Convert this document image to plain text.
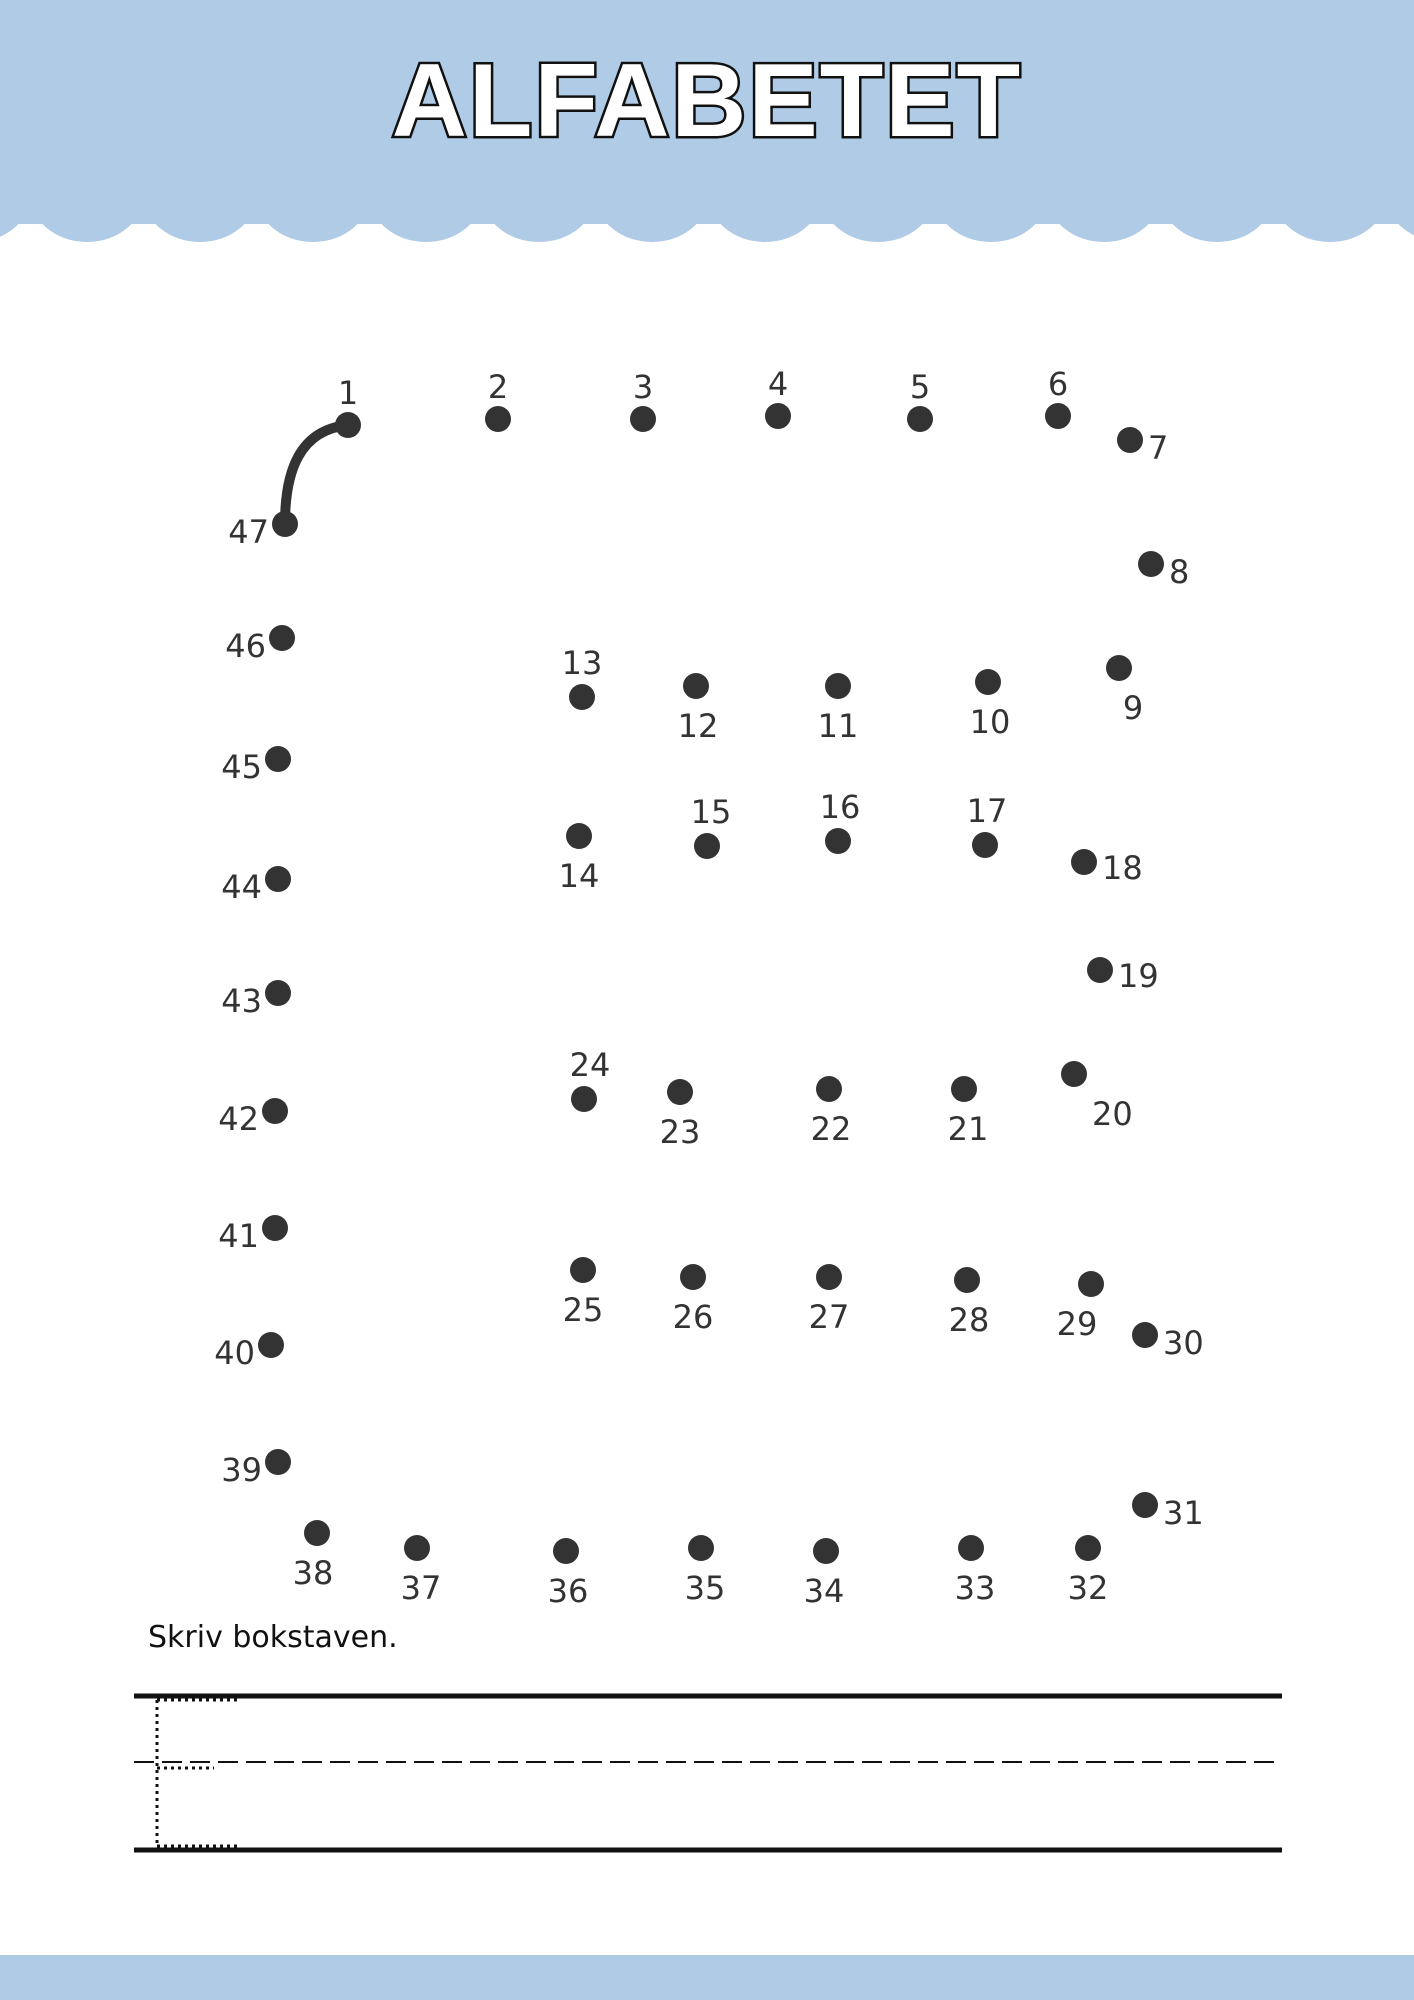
ALFABETET
1	2	3	4	5	6
7
8
9
10
11
12
13
14
15	16	17
18
19
20
21
22
23
24
25 26	27	28 29 30
31
32
33
34
35
36
37
38
39
40
41
42
43
44
45
46
47
Skriv bokstaven.
